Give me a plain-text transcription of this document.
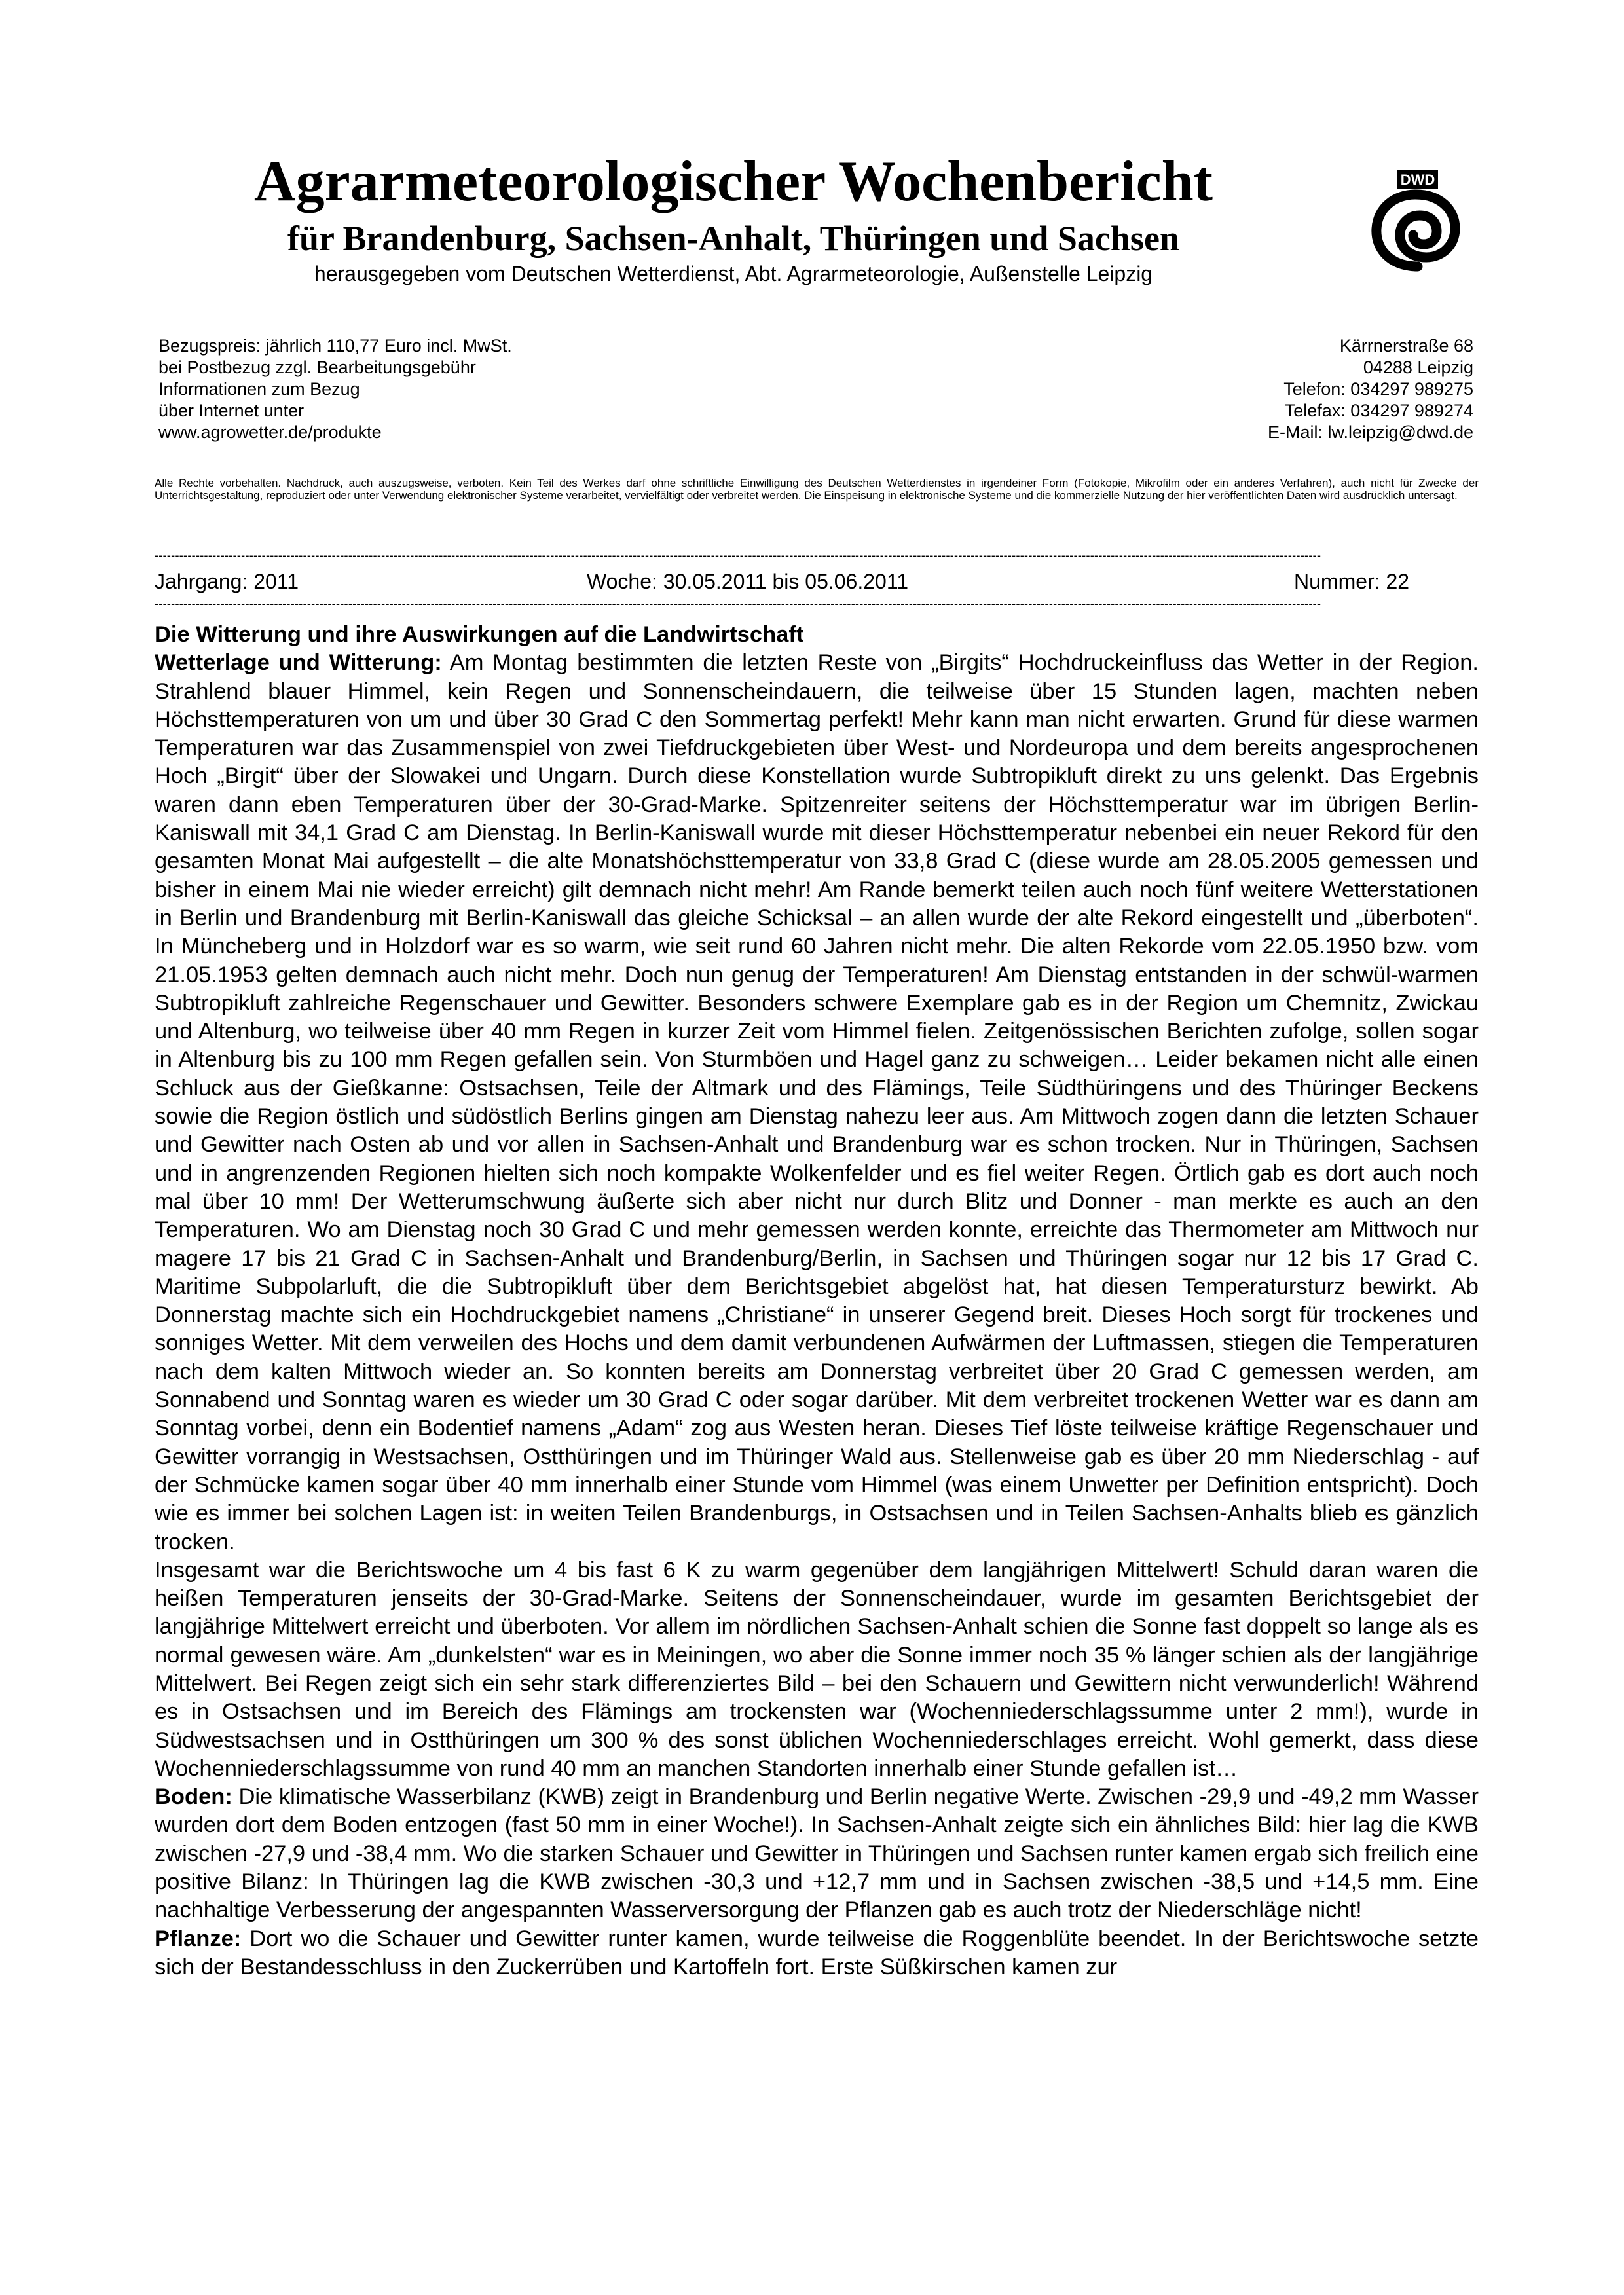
Agrarmeteorologischer Wochenbericht
für Brandenburg, Sachsen-Anhalt, Thüringen und Sachsen
herausgegeben vom Deutschen Wetterdienst, Abt. Agrarmeteorologie, Außenstelle Leipzig
DWD
Bezugspreis: jährlich 110,77 Euro incl. MwSt.
bei Postbezug zzgl. Bearbeitungsgebühr
Informationen zum Bezug
über Internet unter
www.agrowetter.de/produkte
Kärrnerstraße 68
04288 Leipzig
Telefon: 034297 989275
Telefax: 034297 989274
E-Mail: lw.leipzig@dwd.de
Alle Rechte vorbehalten. Nachdruck, auch auszugsweise, verboten. Kein Teil des Werkes darf ohne schriftliche Einwilligung des Deutschen Wetterdienstes in irgendeiner Form (Fotokopie, Mikrofilm oder ein anderes Verfahren), auch nicht für Zwecke der Unterrichtsgestaltung, reproduziert oder unter Verwendung elektronischer Systeme verarbeitet, vervielfältigt oder verbreitet werden. Die Einspeisung in elektronische Systeme und die kommerzielle Nutzung der hier veröffentlichten Daten wird ausdrücklich untersagt.
-------------------------------------------------------------------------------------------------------------------------------------------------------------------------------------------------------------------------------------------------------------------------------------------
Jahrgang: 2011	Woche: 30.05.2011 bis 05.06.2011	Nummer: 22
-------------------------------------------------------------------------------------------------------------------------------------------------------------------------------------------------------------------------------------------------------------------------------------------

Die Witterung und ihre Auswirkungen auf die Landwirtschaft

Wetterlage und Witterung: Am Montag bestimmten die letzten Reste von „Birgits“ Hochdruckeinfluss das Wetter in der Region. Strahlend blauer Himmel, kein Regen und Sonnenscheindauern, die teilweise über 15 Stunden lagen, machten neben Höchsttemperaturen von um und über 30 Grad C den Sommertag perfekt! Mehr kann man nicht erwarten. Grund für diese warmen Temperaturen war das Zusammenspiel von zwei Tiefdruckgebieten über West- und Nordeuropa und dem bereits angesprochenen Hoch „Birgit“ über der Slowakei und Ungarn. Durch diese Konstellation wurde Subtropikluft direkt zu uns gelenkt. Das Ergebnis waren dann eben Temperaturen über der 30-Grad-Marke. Spitzenreiter seitens der Höchsttemperatur war im übrigen Berlin-Kaniswall mit 34,1 Grad C am Dienstag. In Berlin-Kaniswall wurde mit dieser Höchsttemperatur nebenbei ein neuer Rekord für den gesamten Monat Mai aufgestellt – die alte Monatshöchsttemperatur von 33,8 Grad C (diese wurde am 28.05.2005 gemessen und bisher in einem Mai nie wieder erreicht) gilt demnach nicht mehr! Am Rande bemerkt teilen auch noch fünf weitere Wetterstationen in Berlin und Brandenburg mit Berlin-Kaniswall das gleiche Schicksal – an allen wurde der alte Rekord eingestellt und „überboten“. In Müncheberg und in Holzdorf war es so warm, wie seit rund 60 Jahren nicht mehr. Die alten Rekorde vom 22.05.1950 bzw. vom 21.05.1953 gelten demnach auch nicht mehr. Doch nun genug der Temperaturen! Am Dienstag entstanden in der schwül-warmen Subtropikluft zahlreiche Regenschauer und Gewitter. Besonders schwere Exemplare gab es in der Region um Chemnitz, Zwickau und Altenburg, wo teilweise über 40 mm Regen in kurzer Zeit vom Himmel fielen. Zeitgenössischen Berichten zufolge, sollen sogar in Altenburg bis zu 100 mm Regen gefallen sein. Von Sturmböen und Hagel ganz zu schweigen… Leider bekamen nicht alle einen Schluck aus der Gießkanne: Ostsachsen, Teile der Altmark und des Flämings, Teile Südthüringens und des Thüringer Beckens sowie die Region östlich und südöstlich Berlins gingen am Dienstag nahezu leer aus. Am Mittwoch zogen dann die letzten Schauer und Gewitter nach Osten ab und vor allen in Sachsen-Anhalt und Brandenburg war es schon trocken. Nur in Thüringen, Sachsen und in angrenzenden Regionen hielten sich noch kompakte Wolkenfelder und es fiel weiter Regen. Örtlich gab es dort auch noch mal über 10 mm! Der Wetterumschwung äußerte sich aber nicht nur durch Blitz und Donner - man merkte es auch an den Temperaturen. Wo am Dienstag noch 30 Grad C und mehr gemessen werden konnte, erreichte das Thermometer am Mittwoch nur magere 17 bis 21 Grad C in Sachsen-Anhalt und Brandenburg/Berlin, in Sachsen und Thüringen sogar nur 12 bis 17 Grad C. Maritime Subpolarluft, die die Subtropikluft über dem Berichtsgebiet abgelöst hat, hat diesen Temperatursturz bewirkt. Ab Donnerstag machte sich ein Hochdruckgebiet namens „Christiane“ in unserer Gegend breit. Dieses Hoch sorgt für trockenes und sonniges Wetter. Mit dem verweilen des Hochs und dem damit verbundenen Aufwärmen der Luftmassen, stiegen die Temperaturen nach dem kalten Mittwoch wieder an. So konnten bereits am Donnerstag verbreitet über 20 Grad C gemessen werden, am Sonnabend und Sonntag waren es wieder um 30 Grad C oder sogar darüber. Mit dem verbreitet trockenen Wetter war es dann am Sonntag vorbei, denn ein Bodentief namens „Adam“ zog aus Westen heran. Dieses Tief löste teilweise kräftige Regenschauer und Gewitter vorrangig in Westsachsen, Ostthüringen und im Thüringer Wald aus. Stellenweise gab es über 20 mm Niederschlag - auf der Schmücke kamen sogar über 40 mm innerhalb einer Stunde vom Himmel (was einem Unwetter per Definition entspricht). Doch wie es immer bei solchen Lagen ist: in weiten Teilen Brandenburgs, in Ostsachsen und in Teilen Sachsen-Anhalts blieb es gänzlich trocken.

Insgesamt war die Berichtswoche um 4 bis fast 6 K zu warm gegenüber dem langjährigen Mittelwert! Schuld daran waren die heißen Temperaturen jenseits der 30-Grad-Marke. Seitens der Sonnenscheindauer, wurde im gesamten Berichtsgebiet der langjährige Mittelwert erreicht und überboten. Vor allem im nördlichen Sachsen-Anhalt schien die Sonne fast doppelt so lange als es normal gewesen wäre. Am „dunkelsten“ war es in Meiningen, wo aber die Sonne immer noch 35 % länger schien als der langjährige Mittelwert. Bei Regen zeigt sich ein sehr stark differenziertes Bild – bei den Schauern und Gewittern nicht verwunderlich! Während es in Ostsachsen und im Bereich des Flämings am trockensten war (Wochenniederschlagssumme unter 2 mm!), wurde in Südwestsachsen und in Ostthüringen um 300 % des sonst üblichen Wochenniederschlages erreicht. Wohl gemerkt, dass diese Wochenniederschlagssumme von rund 40 mm an manchen Standorten innerhalb einer Stunde gefallen ist…

Boden: Die klimatische Wasserbilanz (KWB) zeigt in Brandenburg und Berlin negative Werte. Zwischen -29,9 und -49,2 mm Wasser wurden dort dem Boden entzogen (fast 50 mm in einer Woche!). In Sachsen-Anhalt zeigte sich ein ähnliches Bild: hier lag die KWB zwischen -27,9 und -38,4 mm. Wo die starken Schauer und Gewitter in Thüringen und Sachsen runter kamen ergab sich freilich eine positive Bilanz: In Thüringen lag die KWB zwischen -30,3 und +12,7 mm und in Sachsen zwischen -38,5 und +14,5 mm. Eine nachhaltige Verbesserung der angespannten Wasserversorgung der Pflanzen gab es auch trotz der Niederschläge nicht!

Pflanze: Dort wo die Schauer und Gewitter runter kamen, wurde teilweise die Roggenblüte beendet. In der Berichtswoche setzte sich der Bestandesschluss in den Zuckerrüben und Kartoffeln fort. Erste Süßkirschen kamen zur
